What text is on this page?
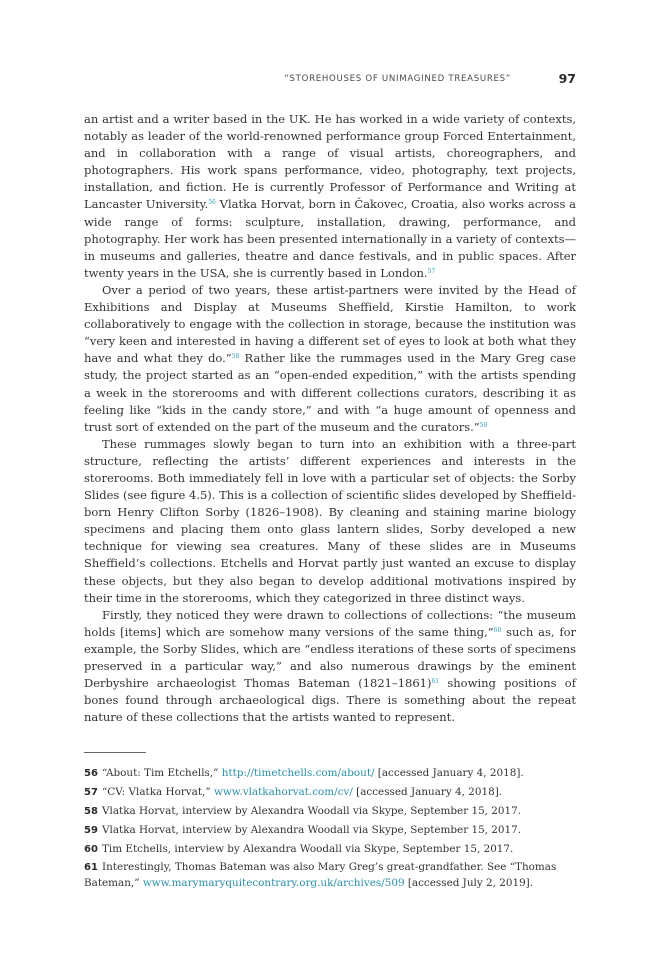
“STOREHOUSES OF UNIMAGINED TREASURES”	97

an artist and a writer based in the UK. He has worked in a wide variety of contexts, notably as leader of the world-renowned performance group Forced Entertainment, and in collaboration with a range of visual artists, choreographers, and photographers. His work spans performance, video, photography, text projects, installation, and fiction. He is currently Professor of Performance and Writing at Lancaster University.$^{56}$ Vlatka Horvat, born in Čakovec, Croatia, also works across a wide range of forms: sculpture, installation, drawing, performance, and photography. Her work has been presented internationally in a variety of contexts—in museums and galleries, theatre and dance festivals, and in public spaces. After twenty years in the USA, she is currently based in London.$^{57}$

Over a period of two years, these artist-partners were invited by the Head of Exhibitions and Display at Museums Sheffield, Kirstie Hamilton, to work collaboratively to engage with the collection in storage, because the institution was “very keen and interested in having a different set of eyes to look at both what they have and what they do.”$^{58}$ Rather like the rummages used in the Mary Greg case study, the project started as an “open-ended expedition,” with the artists spending a week in the storerooms and with different collections curators, describing it as feeling like “kids in the candy store,” and with “a huge amount of openness and trust sort of extended on the part of the museum and the curators.”$^{59}$

These rummages slowly began to turn into an exhibition with a three-part structure, reflecting the artists’ different experiences and interests in the storerooms. Both immediately fell in love with a particular set of objects: the Sorby Slides (see figure 4.5). This is a collection of scientific slides developed by Sheffield-born Henry Clifton Sorby (1826–1908). By cleaning and staining marine biology specimens and placing them onto glass lantern slides, Sorby developed a new technique for viewing sea creatures. Many of these slides are in Museums Sheffield’s collections. Etchells and Horvat partly just wanted an excuse to display these objects, but they also began to develop additional motivations inspired by their time in the storerooms, which they categorized in three distinct ways.

Firstly, they noticed they were drawn to collections of collections: “the museum holds [items] which are somehow many versions of the same thing,”$^{60}$ such as, for example, the Sorby Slides, which are “endless iterations of these sorts of specimens preserved in a particular way,” and also numerous drawings by the eminent Derbyshire archaeologist Thomas Bateman (1821–1861)$^{61}$ showing positions of bones found through archaeological digs. There is something about the repeat nature of these collections that the artists wanted to represent.

56 “About: Tim Etchells,” http://timetchells.com/about/ [accessed January 4, 2018].
57 “CV: Vlatka Horvat,” www.vlatkahorvat.com/cv/ [accessed January 4, 2018].
58 Vlatka Horvat, interview by Alexandra Woodall via Skype, September 15, 2017.
59 Vlatka Horvat, interview by Alexandra Woodall via Skype, September 15, 2017.
60 Tim Etchells, interview by Alexandra Woodall via Skype, September 15, 2017.
61 Interestingly, Thomas Bateman was also Mary Greg’s great-grandfather. See “Thomas Bateman,” www.marymaryquitecontrary.org.uk/archives/509 [accessed July 2, 2019].
